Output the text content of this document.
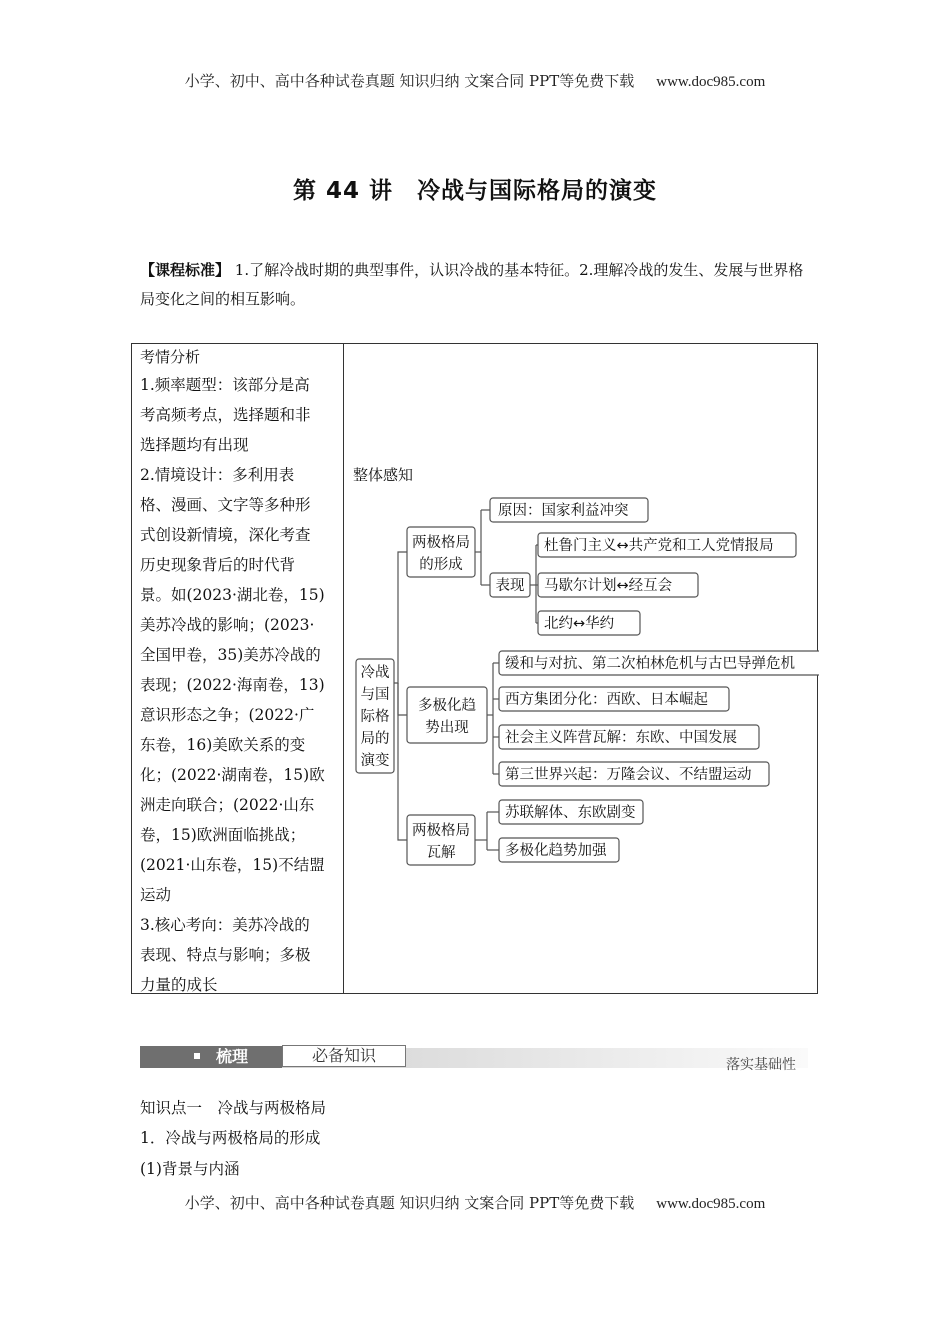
小学、初中、高中各种试卷真题 知识归纳 文案合同 PPT等免费下载 www.doc985.com
第 44 讲　冷战与国际格局的演变
【课程标准】 1.了解冷战时期的典型事件，认识冷战的基本特征。2.理解冷战的发生、发展与世界格局变化之间的相互影响。
考情分析
1.频率题型：该部分是高
考高频考点，选择题和非
选择题均有出现
2.情境设计：多利用表
格、漫画、文字等多种形
式创设新情境，深化考查
历史现象背后的时代背
景。如(2023·湖北卷，15)
美苏冷战的影响；(2023·
全国甲卷，35)美苏冷战的
表现；(2022·海南卷，13)
意识形态之争；(2022·广
东卷，16)美欧关系的变
化；(2022·湖南卷，15)欧
洲走向联合；(2022·山东
卷，15)欧洲面临挑战；
(2021·山东卷，15)不结盟
运动
3.核心考向：美苏冷战的
表现、特点与影响；多极
力量的成长
整体感知
冷战
与国
际格
局的
演变
两极格局
的形成
原因：国家利益冲突
表现
杜鲁门主义↔共产党和工人党情报局
马歇尔计划↔经互会
北约↔华约
多极化趋
势出现
缓和与对抗、第二次柏林危机与古巴导弹危机
西方集团分化：西欧、日本崛起
社会主义阵营瓦解：东欧、中国发展
第三世界兴起：万隆会议、不结盟运动
两极格局
瓦解
苏联解体、东欧剧变
多极化趋势加强
梳理	必备知识	落实基础性
知识点一　冷战与两极格局
1．冷战与两极格局的形成
(1)背景与内涵
小学、初中、高中各种试卷真题 知识归纳 文案合同 PPT等免费下载 www.doc985.com
